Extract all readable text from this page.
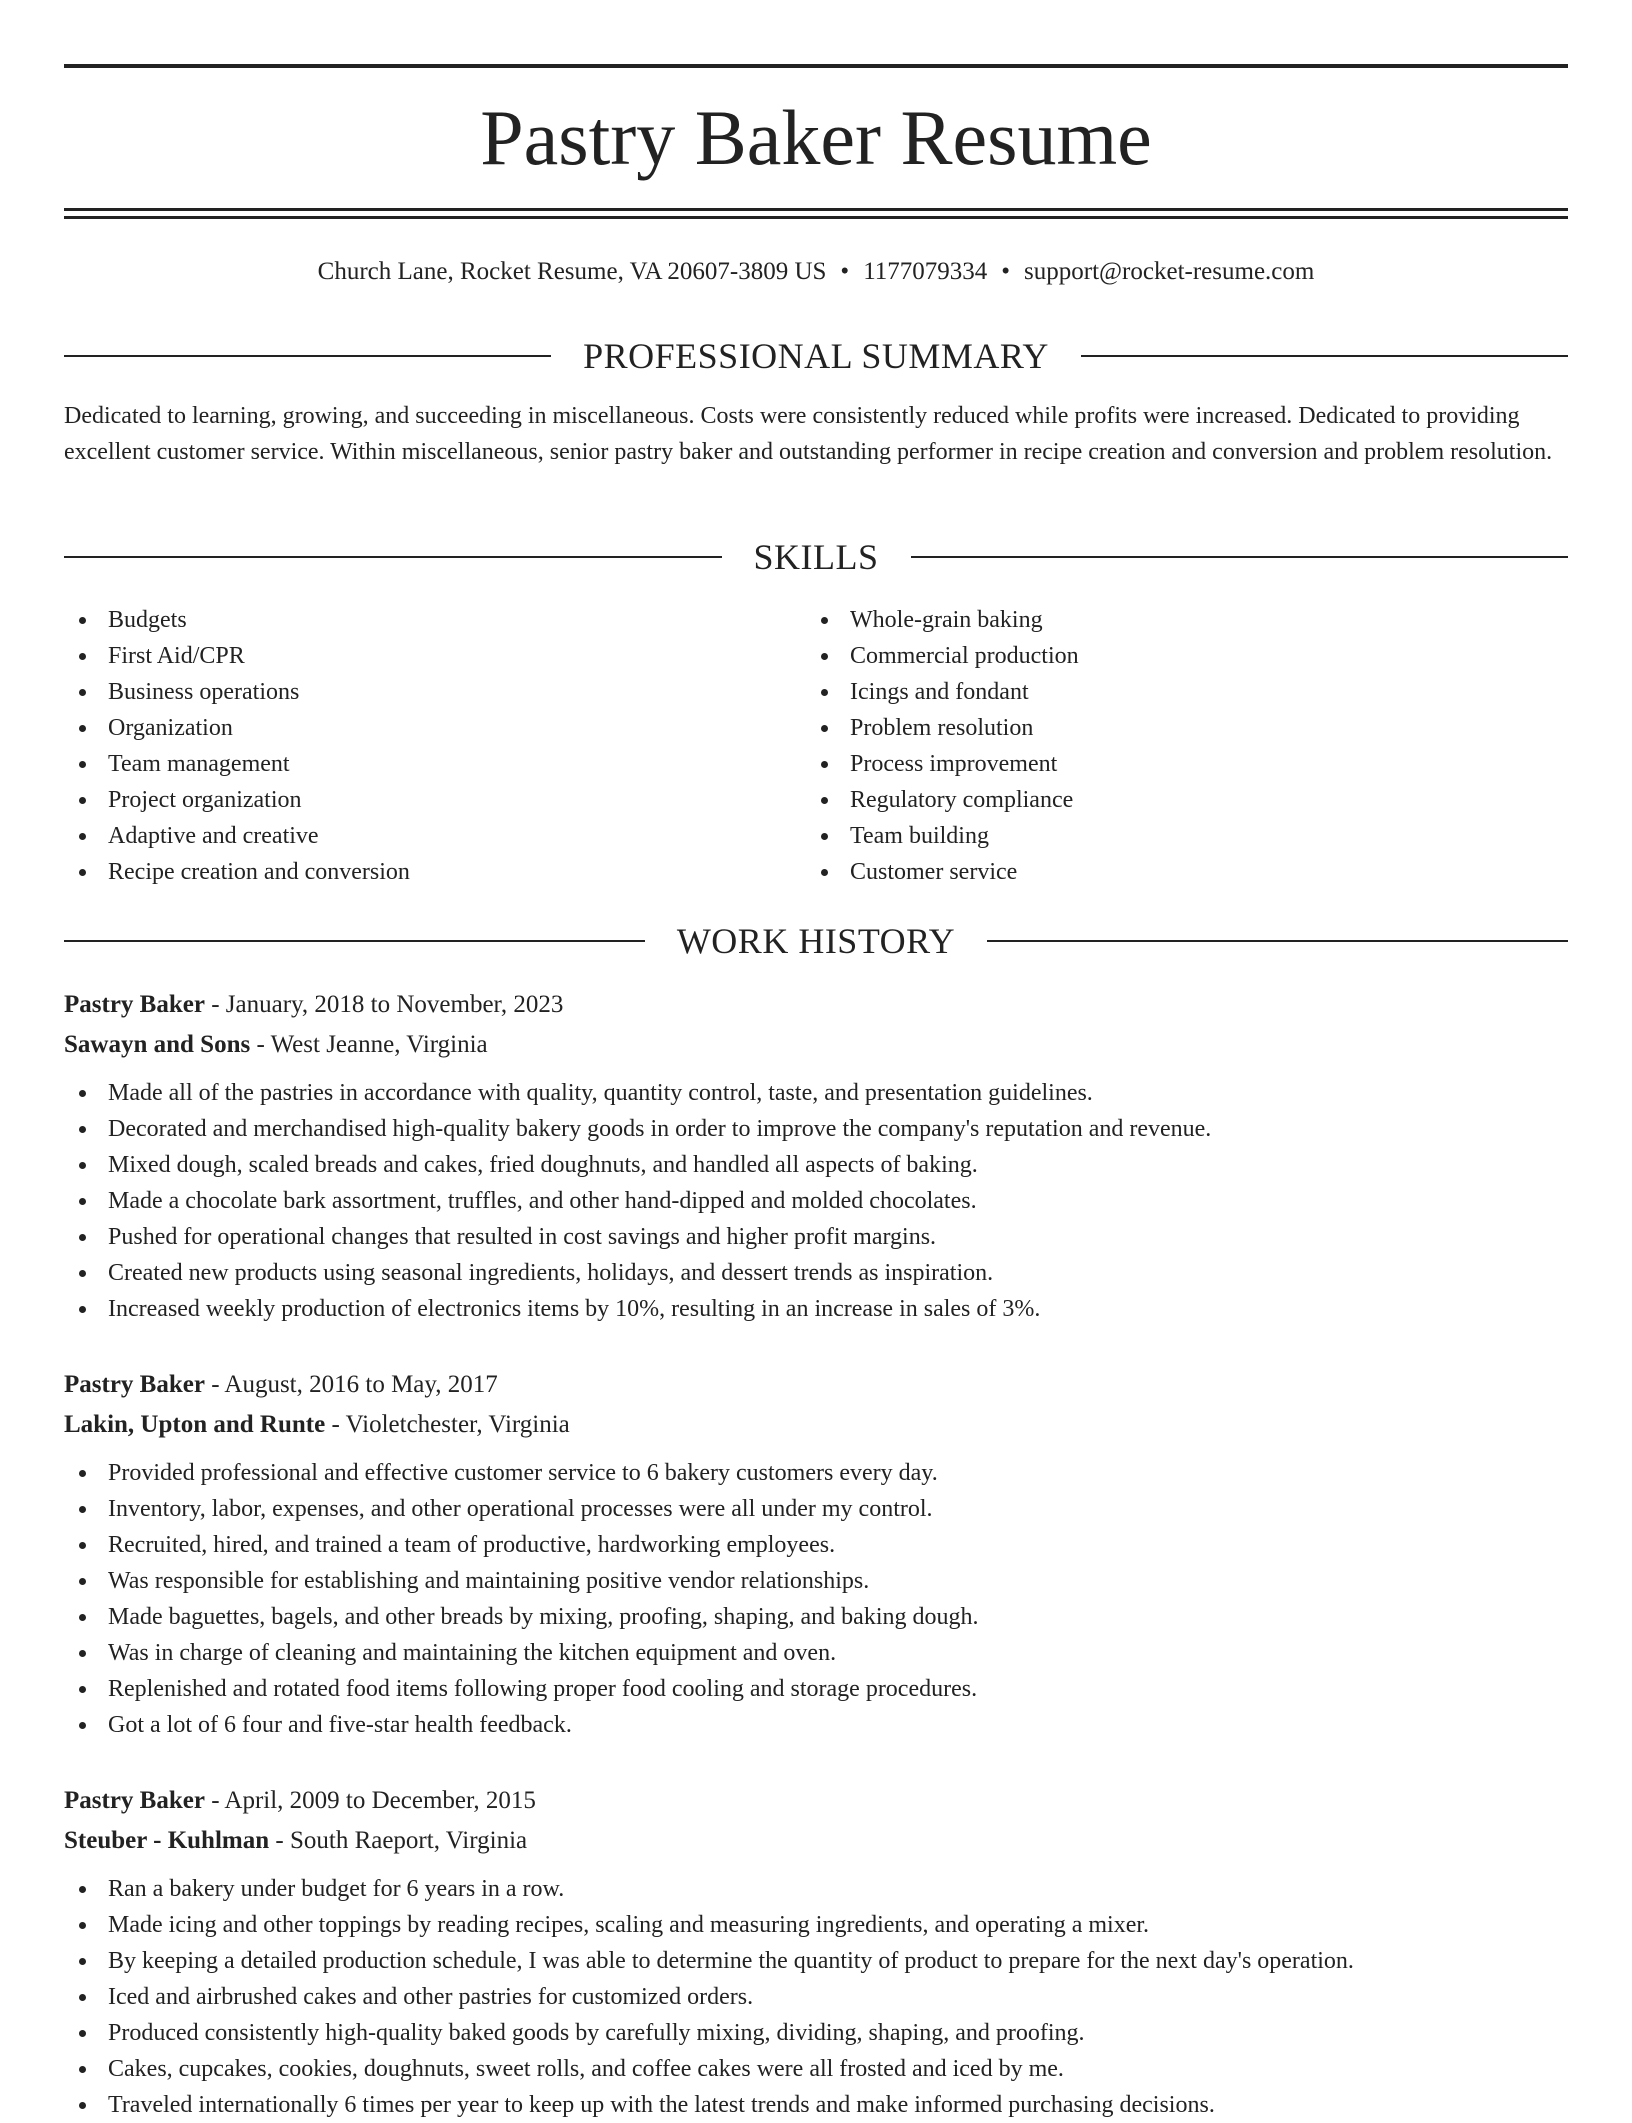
Pastry Baker Resume
Church Lane, Rocket Resume, VA 20607-3809 US • 1177079334 • support@rocket-resume.com
PROFESSIONAL SUMMARY

Dedicated to learning, growing, and succeeding in miscellaneous. Costs were consistently reduced while profits were increased. Dedicated to providing excellent customer service. Within miscellaneous, senior pastry baker and outstanding performer in recipe creation and conversion and problem resolution.

SKILLS
Budgets
First Aid/CPR
Business operations
Organization
Team management
Project organization
Adaptive and creative
Recipe creation and conversion
Whole-grain baking
Commercial production
Icings and fondant
Problem resolution
Process improvement
Regulatory compliance
Team building
Customer service
WORK HISTORY
Pastry Baker - January, 2018 to November, 2023
Sawayn and Sons - West Jeanne, Virginia
Made all of the pastries in accordance with quality, quantity control, taste, and presentation guidelines.
Decorated and merchandised high-quality bakery goods in order to improve the company's reputation and revenue.
Mixed dough, scaled breads and cakes, fried doughnuts, and handled all aspects of baking.
Made a chocolate bark assortment, truffles, and other hand-dipped and molded chocolates.
Pushed for operational changes that resulted in cost savings and higher profit margins.
Created new products using seasonal ingredients, holidays, and dessert trends as inspiration.
Increased weekly production of electronics items by 10%, resulting in an increase in sales of 3%.
Pastry Baker - August, 2016 to May, 2017
Lakin, Upton and Runte - Violetchester, Virginia
Provided professional and effective customer service to 6 bakery customers every day.
Inventory, labor, expenses, and other operational processes were all under my control.
Recruited, hired, and trained a team of productive, hardworking employees.
Was responsible for establishing and maintaining positive vendor relationships.
Made baguettes, bagels, and other breads by mixing, proofing, shaping, and baking dough.
Was in charge of cleaning and maintaining the kitchen equipment and oven.
Replenished and rotated food items following proper food cooling and storage procedures.
Got a lot of 6 four and five-star health feedback.
Pastry Baker - April, 2009 to December, 2015
Steuber - Kuhlman - South Raeport, Virginia
Ran a bakery under budget for 6 years in a row.
Made icing and other toppings by reading recipes, scaling and measuring ingredients, and operating a mixer.
By keeping a detailed production schedule, I was able to determine the quantity of product to prepare for the next day's operation.
Iced and airbrushed cakes and other pastries for customized orders.
Produced consistently high-quality baked goods by carefully mixing, dividing, shaping, and proofing.
Cakes, cupcakes, cookies, doughnuts, sweet rolls, and coffee cakes were all frosted and iced by me.
Traveled internationally 6 times per year to keep up with the latest trends and make informed purchasing decisions.
